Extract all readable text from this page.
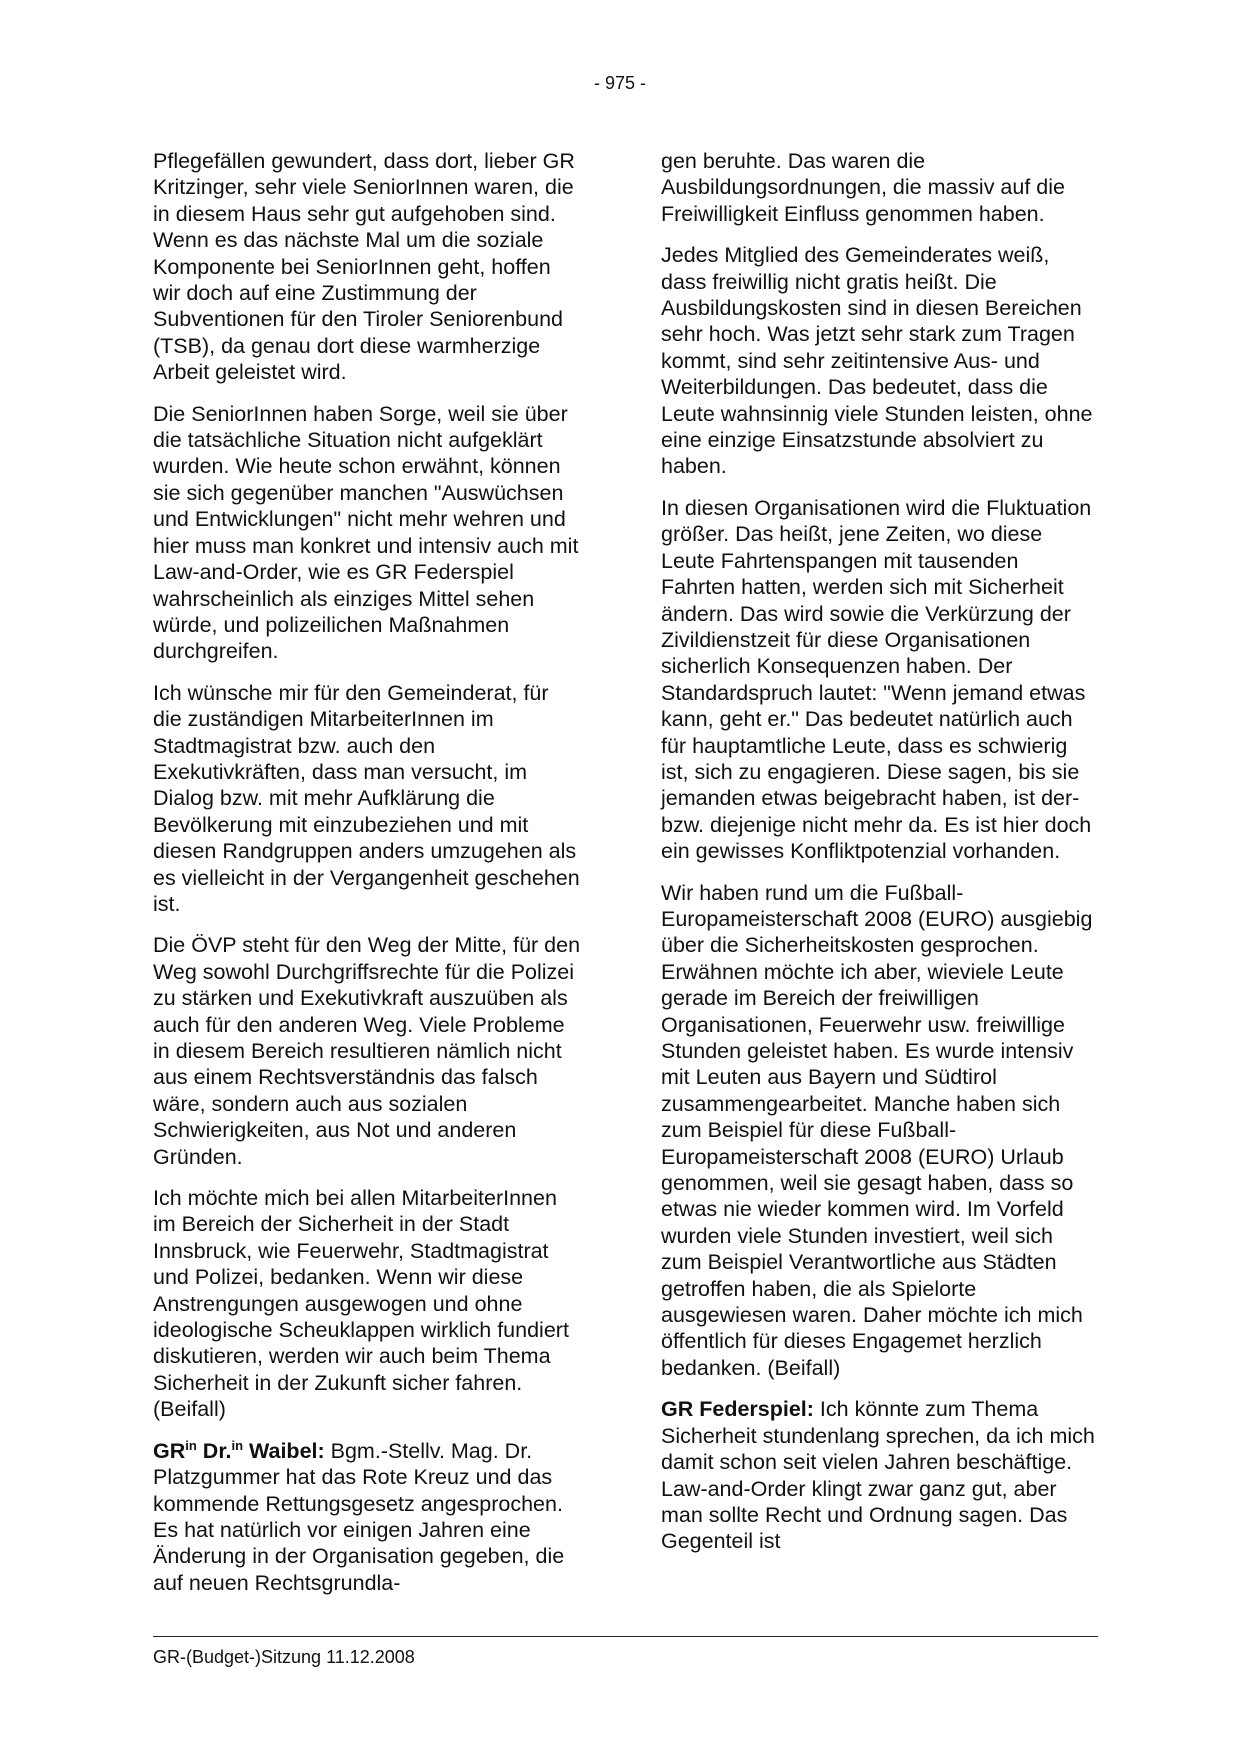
- 975 -

Pflegefällen gewundert, dass dort, lieber GR Kritzinger, sehr viele SeniorInnen waren, die in diesem Haus sehr gut aufgehoben sind. Wenn es das nächste Mal um die soziale Komponente bei SeniorInnen geht, hoffen wir doch auf eine Zustimmung der Subventionen für den Tiroler Seniorenbund (TSB), da genau dort diese warmherzige Arbeit geleistet wird.

Die SeniorInnen haben Sorge, weil sie über die tatsächliche Situation nicht aufgeklärt wurden. Wie heute schon erwähnt, können sie sich gegenüber manchen "Auswüchsen und Entwicklungen" nicht mehr wehren und hier muss man konkret und intensiv auch mit Law-and-Order, wie es GR Federspiel wahrscheinlich als einziges Mittel sehen würde, und polizeilichen Maßnahmen durchgreifen.

Ich wünsche mir für den Gemeinderat, für die zuständigen MitarbeiterInnen im Stadtmagistrat bzw. auch den Exekutivkräften, dass man versucht, im Dialog bzw. mit mehr Aufklärung die Bevölkerung mit einzubeziehen und mit diesen Randgruppen anders umzugehen als es vielleicht in der Vergangenheit geschehen ist.

Die ÖVP steht für den Weg der Mitte, für den Weg sowohl Durchgriffsrechte für die Polizei zu stärken und Exekutivkraft auszuüben als auch für den anderen Weg. Viele Probleme in diesem Bereich resultieren nämlich nicht aus einem Rechtsverständnis das falsch wäre, sondern auch aus sozialen Schwierigkeiten, aus Not und anderen Gründen.

Ich möchte mich bei allen MitarbeiterInnen im Bereich der Sicherheit in der Stadt Innsbruck, wie Feuerwehr, Stadtmagistrat und Polizei, bedanken. Wenn wir diese Anstrengungen ausgewogen und ohne ideologische Scheuklappen wirklich fundiert diskutieren, werden wir auch beim Thema Sicherheit in der Zukunft sicher fahren. (Beifall)

$GR^{in}$ Dr.$^{in}$ Waibel: Bgm.-Stellv. Mag. Dr. Platzgummer hat das Rote Kreuz und das kommende Rettungsgesetz angesprochen. Es hat natürlich vor einigen Jahren eine Änderung in der Organisation gegeben, die auf neuen Rechtsgrundla-

gen beruhte. Das waren die Ausbildungsordnungen, die massiv auf die Freiwilligkeit Einfluss genommen haben.

Jedes Mitglied des Gemeinderates weiß, dass freiwillig nicht gratis heißt. Die Ausbildungskosten sind in diesen Bereichen sehr hoch. Was jetzt sehr stark zum Tragen kommt, sind sehr zeitintensive Aus- und Weiterbildungen. Das bedeutet, dass die Leute wahnsinnig viele Stunden leisten, ohne eine einzige Einsatzstunde absolviert zu haben.

In diesen Organisationen wird die Fluktuation größer. Das heißt, jene Zeiten, wo diese Leute Fahrtenspangen mit tausenden Fahrten hatten, werden sich mit Sicherheit ändern. Das wird sowie die Verkürzung der Zivildienstzeit für diese Organisationen sicherlich Konsequenzen haben. Der Standardspruch lautet: "Wenn jemand etwas kann, geht er." Das bedeutet natürlich auch für hauptamtliche Leute, dass es schwierig ist, sich zu engagieren. Diese sagen, bis sie jemanden etwas beigebracht haben, ist der- bzw. diejenige nicht mehr da. Es ist hier doch ein gewisses Konfliktpotenzial vorhanden.

Wir haben rund um die Fußball-Europameisterschaft 2008 (EURO) ausgiebig über die Sicherheitskosten gesprochen. Erwähnen möchte ich aber, wieviele Leute gerade im Bereich der freiwilligen Organisationen, Feuerwehr usw. freiwillige Stunden geleistet haben. Es wurde intensiv mit Leuten aus Bayern und Südtirol zusammengearbeitet. Manche haben sich zum Beispiel für diese Fußball-Europameisterschaft 2008 (EURO) Urlaub genommen, weil sie gesagt haben, dass so etwas nie wieder kommen wird. Im Vorfeld wurden viele Stunden investiert, weil sich zum Beispiel Verantwortliche aus Städten getroffen haben, die als Spielorte ausgewiesen waren. Daher möchte ich mich öffentlich für dieses Engagemet herzlich bedanken. (Beifall)

GR Federspiel: Ich könnte zum Thema Sicherheit stundenlang sprechen, da ich mich damit schon seit vielen Jahren beschäftige. Law-and-Order klingt zwar ganz gut, aber man sollte Recht und Ordnung sagen. Das Gegenteil ist

GR-(Budget-)Sitzung 11.12.2008
